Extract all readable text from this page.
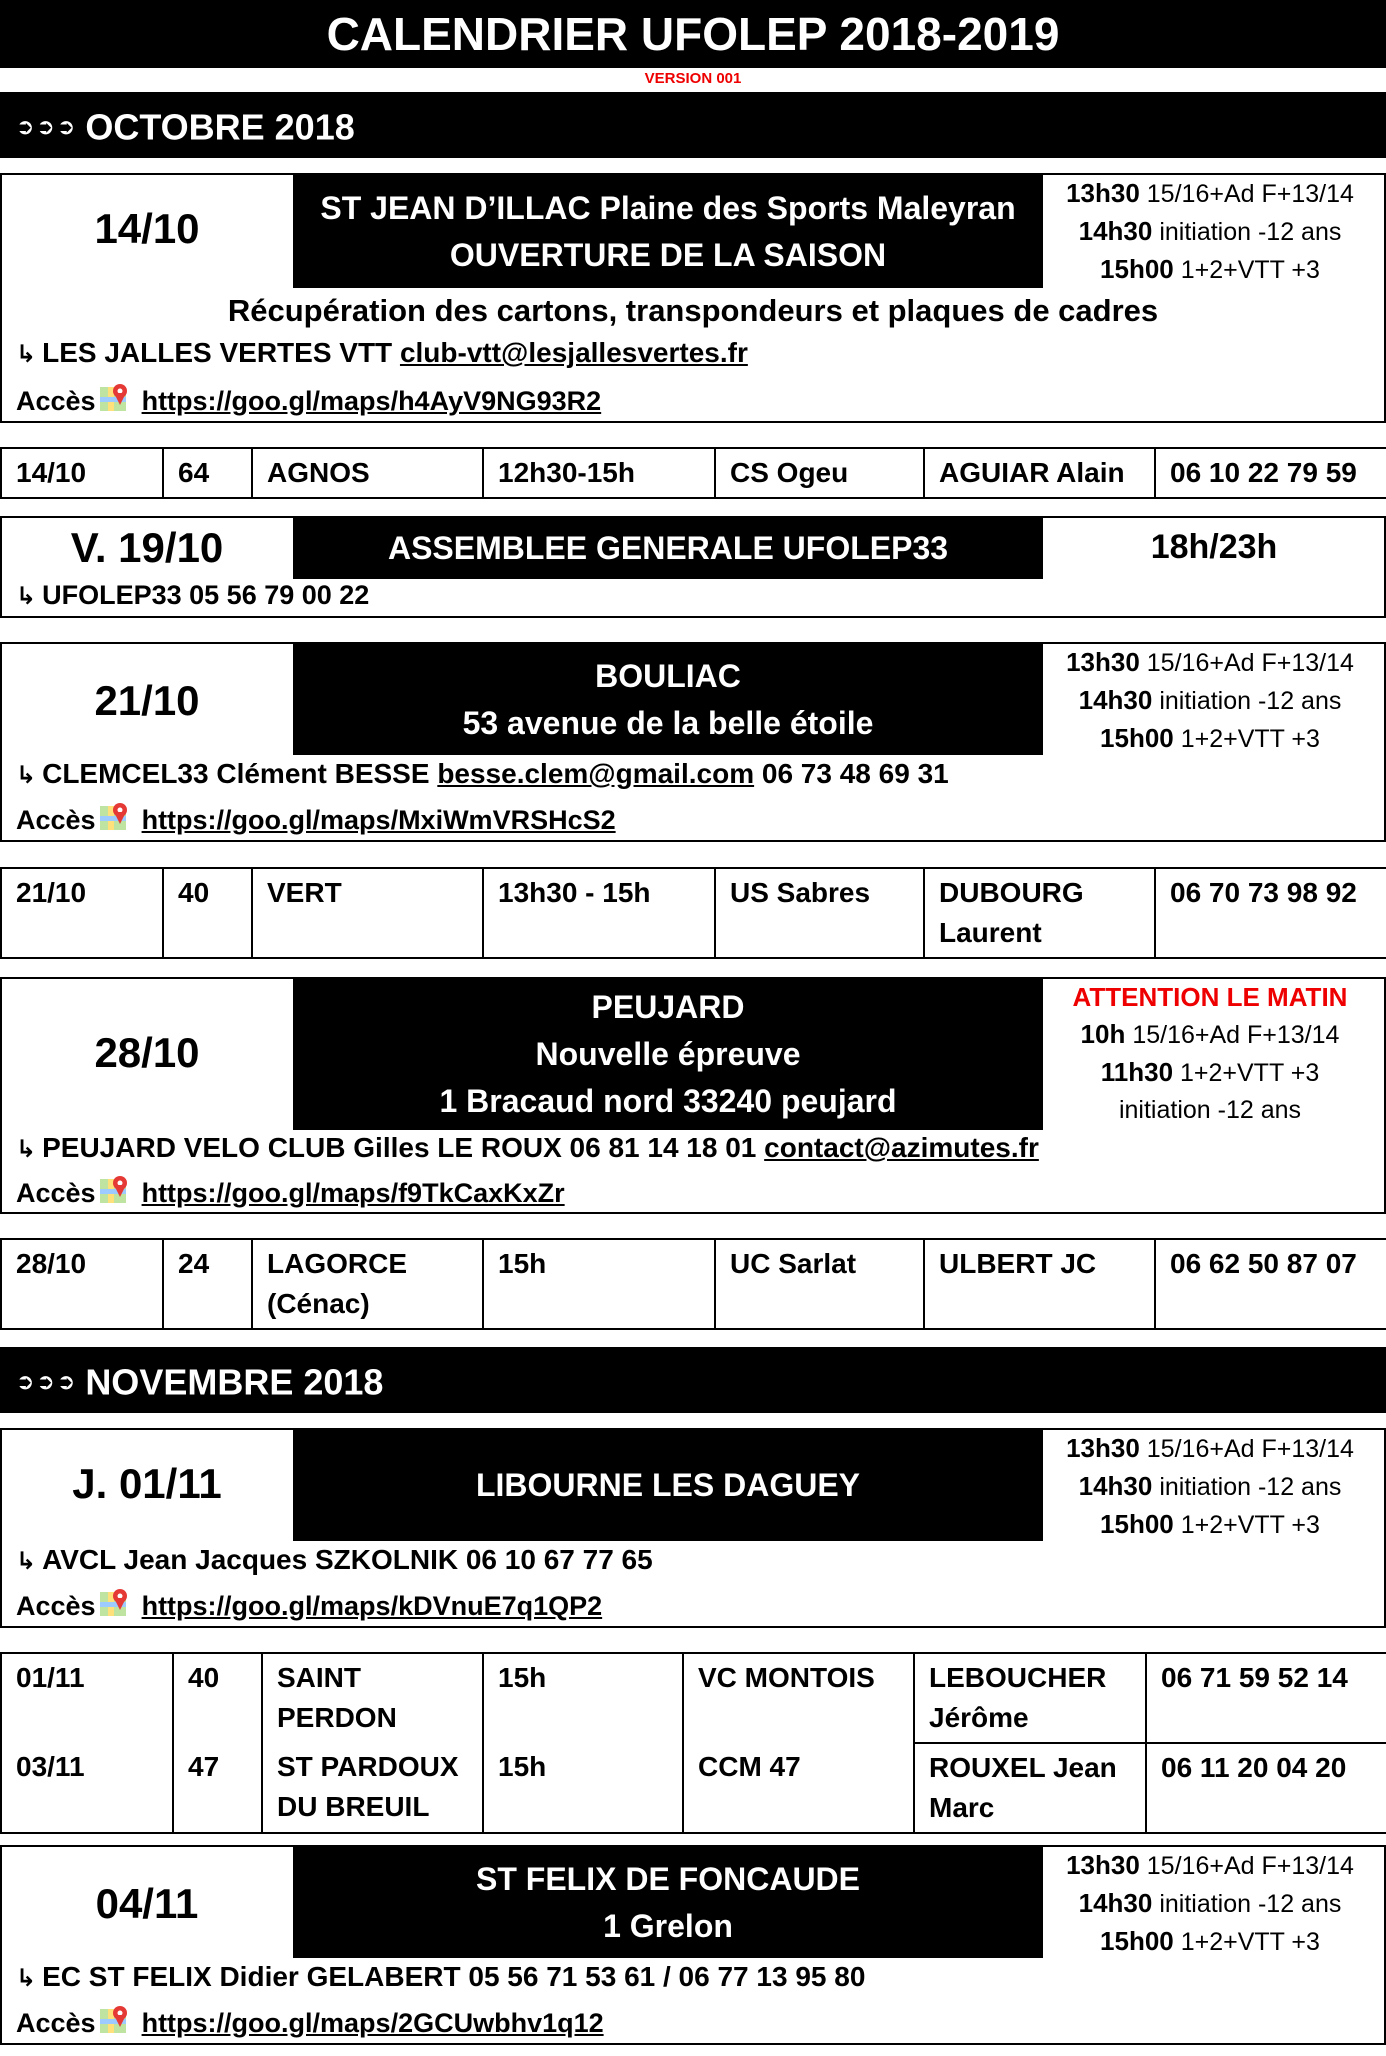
CALENDRIER UFOLEP 2018-2019
VERSION 001
➲➲➲ OCTOBRE 2018
14/10	ST JEAN D’ILLAC Plaine des Sports Maleyran
OUVERTURE DE LA SAISON
13h30 15/16+Ad F+13/14
14h30 initiation -12 ans
15h00 1+2+VTT +3
Récupération des cartons, transpondeurs et plaques de cadres
↳ LES JALLES VERTES VTT club-vtt@lesjallesvertes.fr
Accès https://goo.gl/maps/h4AyV9NG93R2
14/10	64	AGNOS	12h30-15h	CS Ogeu	AGUIAR Alain	06 10 22 79 59
V. 19/10	ASSEMBLEE GENERALE UFOLEP33	18h/23h
↳ UFOLEP33 05 56 79 00 22
21/10
BOULIAC
53 avenue de la belle étoile
13h30 15/16+Ad F+13/14
14h30 initiation -12 ans
15h00 1+2+VTT +3
↳ CLEMCEL33 Clément BESSE besse.clem@gmail.com 06 73 48 69 31
Accès https://goo.gl/maps/MxiWmVRSHcS2
21/10	40	VERT	13h30 - 15h	US Sabres	DUBOURG Laurent	06 70 73 98 92
28/10
PEUJARD
Nouvelle épreuve
1 Bracaud nord 33240 peujard
ATTENTION LE MATIN
10h 15/16+Ad F+13/14
11h30 1+2+VTT +3
initiation -12 ans
↳ PEUJARD VELO CLUB Gilles LE ROUX 06 81 14 18 01 contact@azimutes.fr
Accès https://goo.gl/maps/f9TkCaxKxZr
28/10	24	LAGORCE (Cénac)	15h	UC Sarlat	ULBERT JC	06 62 50 87 07
➲➲➲ NOVEMBRE 2018
J. 01/11	LIBOURNE LES DAGUEY
13h30 15/16+Ad F+13/14
14h30 initiation -12 ans
15h00 1+2+VTT +3
↳ AVCL Jean Jacques SZKOLNIK 06 10 67 77 65
Accès https://goo.gl/maps/kDVnuE7q1QP2
01/11	40	SAINT PERDON	15h	VC MONTOIS	LEBOUCHER Jérôme	06 71 59 52 14
03/11	47	ST PARDOUX DU BREUIL	15h	CCM 47	ROUXEL Jean Marc	06 11 20 04 20
04/11
ST FELIX DE FONCAUDE
1 Grelon
13h30 15/16+Ad F+13/14
14h30 initiation -12 ans
15h00 1+2+VTT +3
↳ EC ST FELIX Didier GELABERT 05 56 71 53 61 / 06 77 13 95 80
Accès https://goo.gl/maps/2GCUwbhv1q12
